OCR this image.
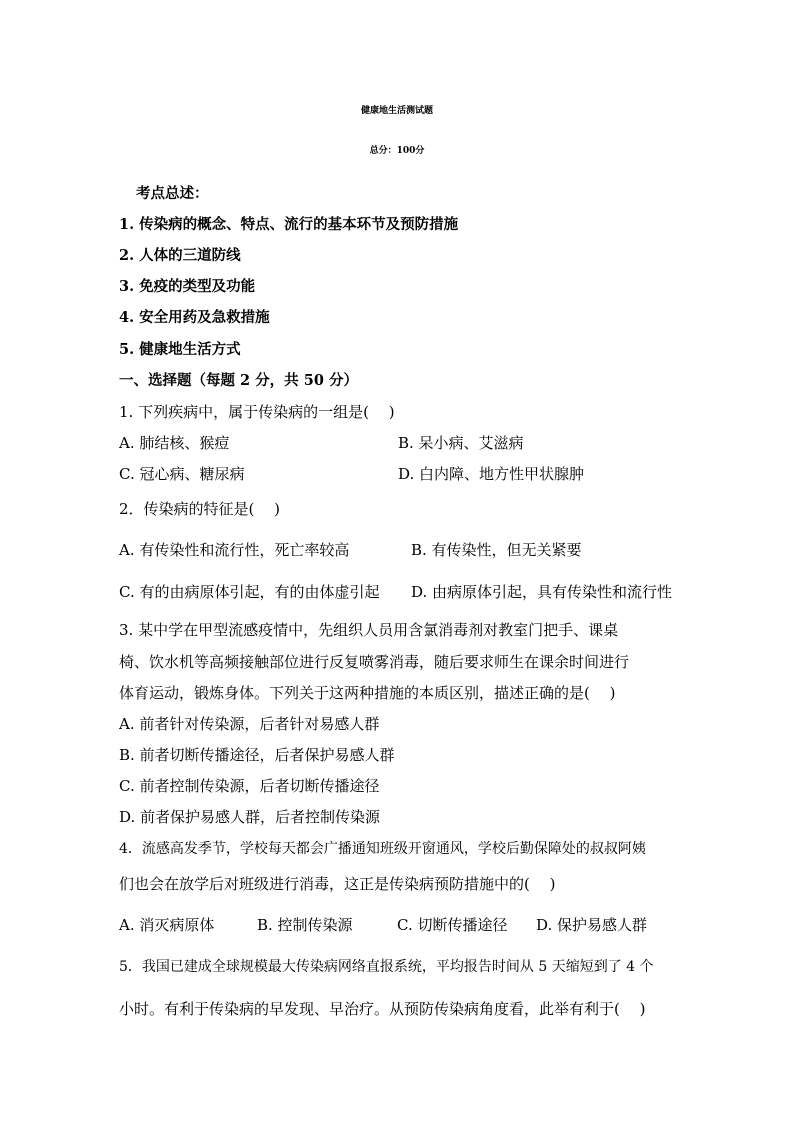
健康地生活测试题
总分：100分
考点总述：
1. 传染病的概念、特点、流行的基本环节及预防措施
2. 人体的三道防线
3. 免疫的类型及功能
4. 安全用药及急救措施
5. 健康地生活方式
一、选择题（每题 2 分，共 50 分）
1. 下列疾病中，属于传染病的一组是(　 )
A. 肺结核、猴痘	B. 呆小病、艾滋病
C. 冠心病、糖尿病	D. 白内障、地方性甲状腺肿
2．传染病的特征是(　 )
A. 有传染性和流行性，死亡率较高	B. 有传染性，但无关紧要
C. 有的由病原体引起，有的由体虚引起 D. 由病原体引起，具有传染性和流行性
3. 某中学在甲型流感疫情中，先组织人员用含氯消毒剂对教室门把手、课桌
椅、饮水机等高频接触部位进行反复喷雾消毒，随后要求师生在课余时间进行
体育运动，锻炼身体。下列关于这两种措施的本质区别，描述正确的是(　 )
A. 前者针对传染源，后者针对易感人群
B. 前者切断传播途径，后者保护易感人群
C. 前者控制传染源，后者切断传播途径
D. 前者保护易感人群，后者控制传染源
4．流感高发季节，学校每天都会广播通知班级开窗通风，学校后勤保障处的叔叔阿姨
们也会在放学后对班级进行消毒，这正是传染病预防措施中的(　 )
A. 消灭病原体	B. 控制传染源	C. 切断传播途径 D. 保护易感人群
5．我国已建成全球规模最大传染病网络直报系统，平均报告时间从 5 天缩短到了 4 个
小时。有利于传染病的早发现、早治疗。从预防传染病角度看，此举有利于(　 )
